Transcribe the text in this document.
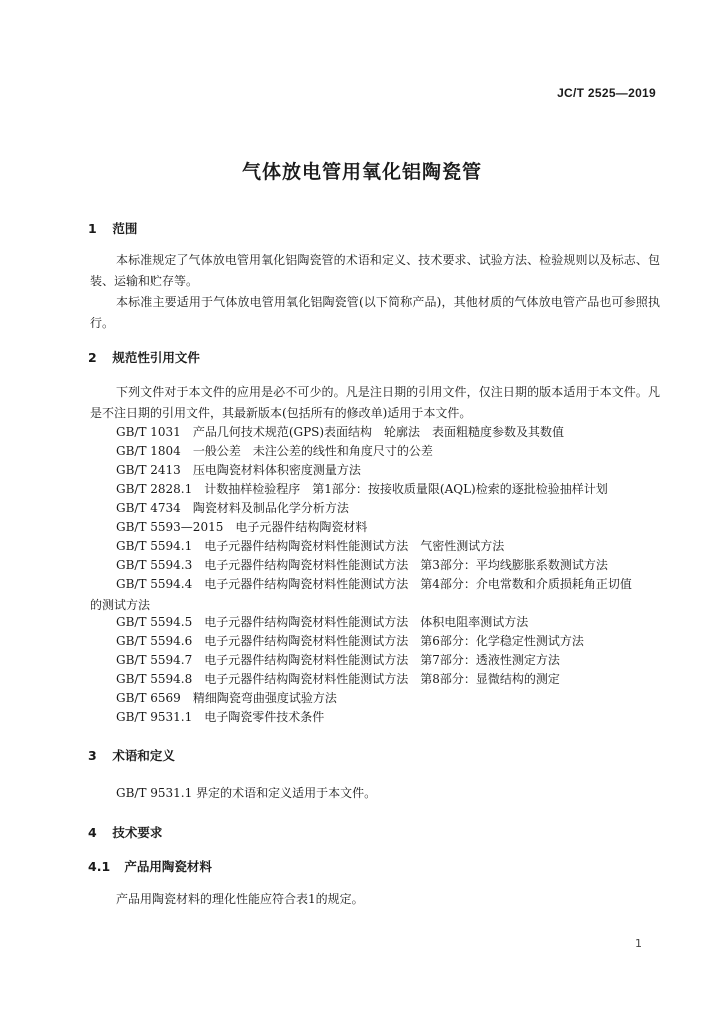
JC/T 2525—2019
气体放电管用氧化铝陶瓷管
1 范围
本标准规定了气体放电管用氧化铝陶瓷管的术语和定义、技术要求、试验方法、检验规则以及标志、包装、运输和贮存等。
本标准主要适用于气体放电管用氧化铝陶瓷管(以下简称产品)，其他材质的气体放电管产品也可参照执行。
2 规范性引用文件
下列文件对于本文件的应用是必不可少的。凡是注日期的引用文件，仅注日期的版本适用于本文件。凡是不注日期的引用文件，其最新版本(包括所有的修改单)适用于本文件。
GB/T 1031 产品几何技术规范(GPS)表面结构　轮廓法　表面粗糙度参数及其数值
GB/T 1804 一般公差　未注公差的线性和角度尺寸的公差
GB/T 2413 压电陶瓷材料体积密度测量方法
GB/T 2828.1 计数抽样检验程序　第1部分：按接收质量限(AQL)检索的逐批检验抽样计划
GB/T 4734 陶瓷材料及制品化学分析方法
GB/T 5593—2015 电子元器件结构陶瓷材料
GB/T 5594.1 电子元器件结构陶瓷材料性能测试方法　气密性测试方法
GB/T 5594.3 电子元器件结构陶瓷材料性能测试方法　第3部分：平均线膨胀系数测试方法
GB/T 5594.4 电子元器件结构陶瓷材料性能测试方法　第4部分：介电常数和介质损耗角正切值
的测试方法
GB/T 5594.5 电子元器件结构陶瓷材料性能测试方法　体积电阻率测试方法
GB/T 5594.6 电子元器件结构陶瓷材料性能测试方法　第6部分：化学稳定性测试方法
GB/T 5594.7 电子元器件结构陶瓷材料性能测试方法　第7部分：透液性测定方法
GB/T 5594.8 电子元器件结构陶瓷材料性能测试方法　第8部分：显微结构的测定
GB/T 6569 精细陶瓷弯曲强度试验方法
GB/T 9531.1 电子陶瓷零件技术条件
3 术语和定义
GB/T 9531.1 界定的术语和定义适用于本文件。
4 技术要求
4.1 产品用陶瓷材料
产品用陶瓷材料的理化性能应符合表1的规定。
1
